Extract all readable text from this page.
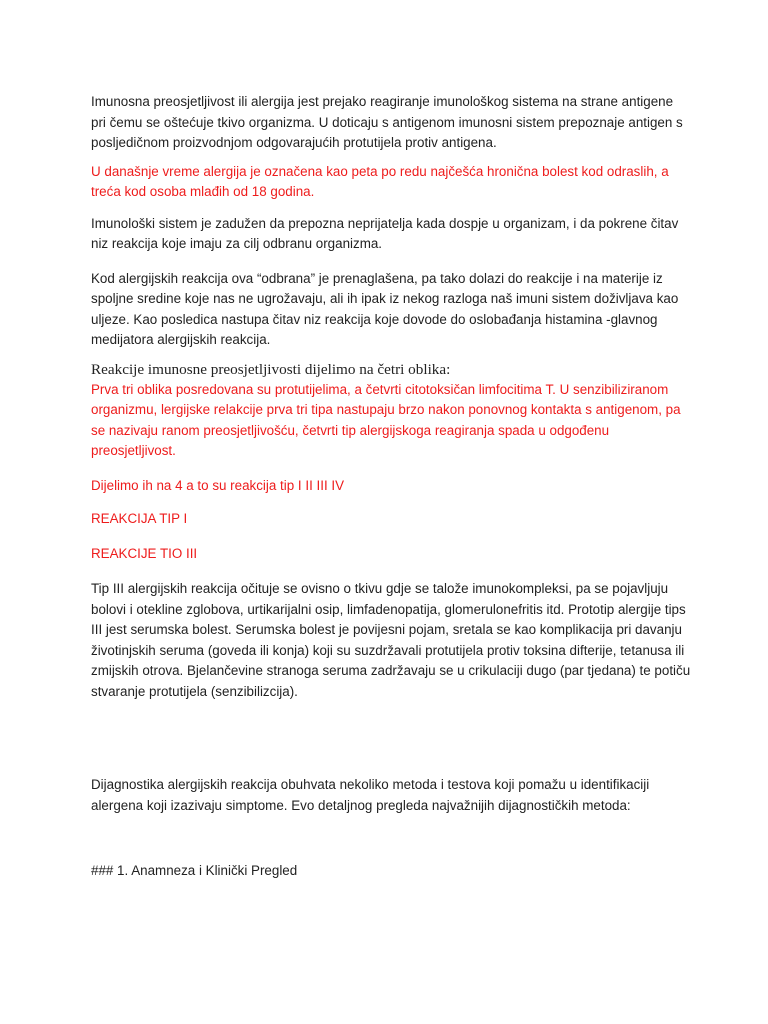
Imunosna preosjetljivost ili alergija jest prejako reagiranje imunološkog sistema na strane antigene pri čemu se oštećuje tkivo organizma. U doticaju s antigenom imunosni sistem prepoznaje antigen s posljedičnom proizvodnjom odgovarajućih protutijela protiv antigena.

U današnje vreme alergija je označena kao peta po redu najčešća hronična bolest kod odraslih, a treća kod osoba mlađih od 18 godina.

Imunološki sistem je zadužen da prepozna neprijatelja kada dospje u organizam, i da pokrene čitav niz reakcija koje imaju za cilj odbranu organizma.

Kod alergijskih reakcija ova “odbrana” je prenaglašena, pa tako dolazi do reakcije i na materije iz spoljne sredine koje nas ne ugrožavaju, ali ih ipak iz nekog razloga naš imuni sistem doživljava kao uljeze. Kao posledica nastupa čitav niz reakcija koje dovode do oslobađanja histamina -glavnog medijatora alergijskih reakcija.

Reakcije imunosne preosjetljivosti dijelimo na četri oblika:

Prva tri oblika posredovana su protutijelima, a četvrti citotoksičan limfocitima T. U senzibiliziranom organizmu, lergijske relakcije prva tri tipa nastupaju brzo nakon ponovnog kontakta s antigenom, pa se nazivaju ranom preosjetljivošću, četvrti tip alergijskoga reagiranja spada u odgođenu preosjetljivost.

Dijelimo ih na 4 a to su reakcija tip I II III IV

REAKCIJA TIP I

REAKCIJE TIO III

Tip III alergijskih reakcija očituje se ovisno o tkivu gdje se talože imunokompleksi, pa se pojavljuju bolovi i otekline zglobova, urtikarijalni osip, limfadenopatija, glomerulonefritis itd. Prototip alergije tips III jest serumska bolest. Serumska bolest je povijesni pojam, sretala se kao komplikacija pri davanju životinjskih seruma (goveda ili konja) koji su suzdržavali protutijela protiv toksina difterije, tetanusa ili zmijskih otrova. Bjelančevine stranoga seruma zadržavaju se u crikulaciji dugo (par tjedana) te potiču stvaranje protutijela (senzibilizcija).

Dijagnostika alergijskih reakcija obuhvata nekoliko metoda i testova koji pomažu u identifikaciji alergena koji izazivaju simptome. Evo detaljnog pregleda najvažnijih dijagnostičkih metoda:

### 1. Anamneza i Klinički Pregled
